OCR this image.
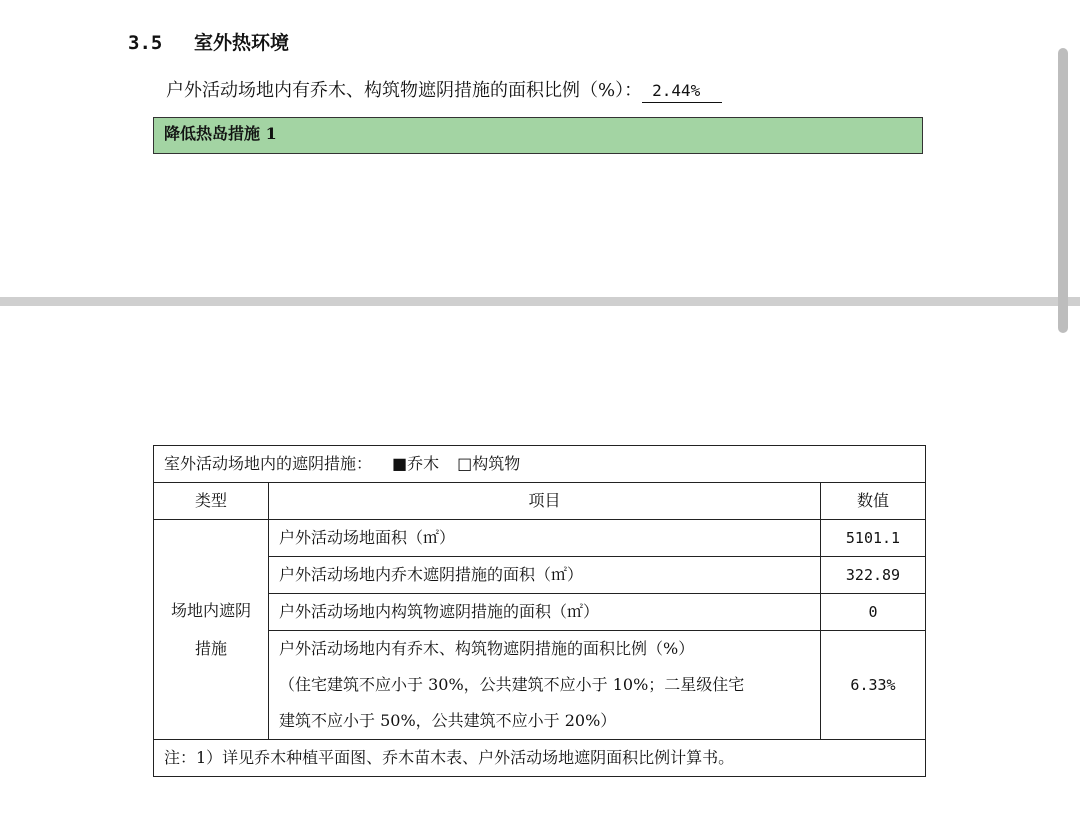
3.5 室外热环境
户外活动场地内有乔木、构筑物遮阴措施的面积比例（%）： 2.44%
降低热岛措施 1
室外活动场地内的遮阴措施： ■乔木 □构筑物		
类型	项目	数值

场地内遮阴
措施	户外活动场地面积（㎡）	5101.1
	户外活动场地内乔木遮阴措施的面积（㎡）	322.89
	户外活动场地内构筑物遮阴措施的面积（㎡）	0

	户外活动场地内有乔木、构筑物遮阴措施的面积比例（%）
（住宅建筑不应小于 30%，公共建筑不应小于 10%；二星级住宅
建筑不应小于 50%，公共建筑不应小于 20%）	6.33%
注：1）详见乔木种植平面图、乔木苗木表、户外活动场地遮阴面积比例计算书。		
